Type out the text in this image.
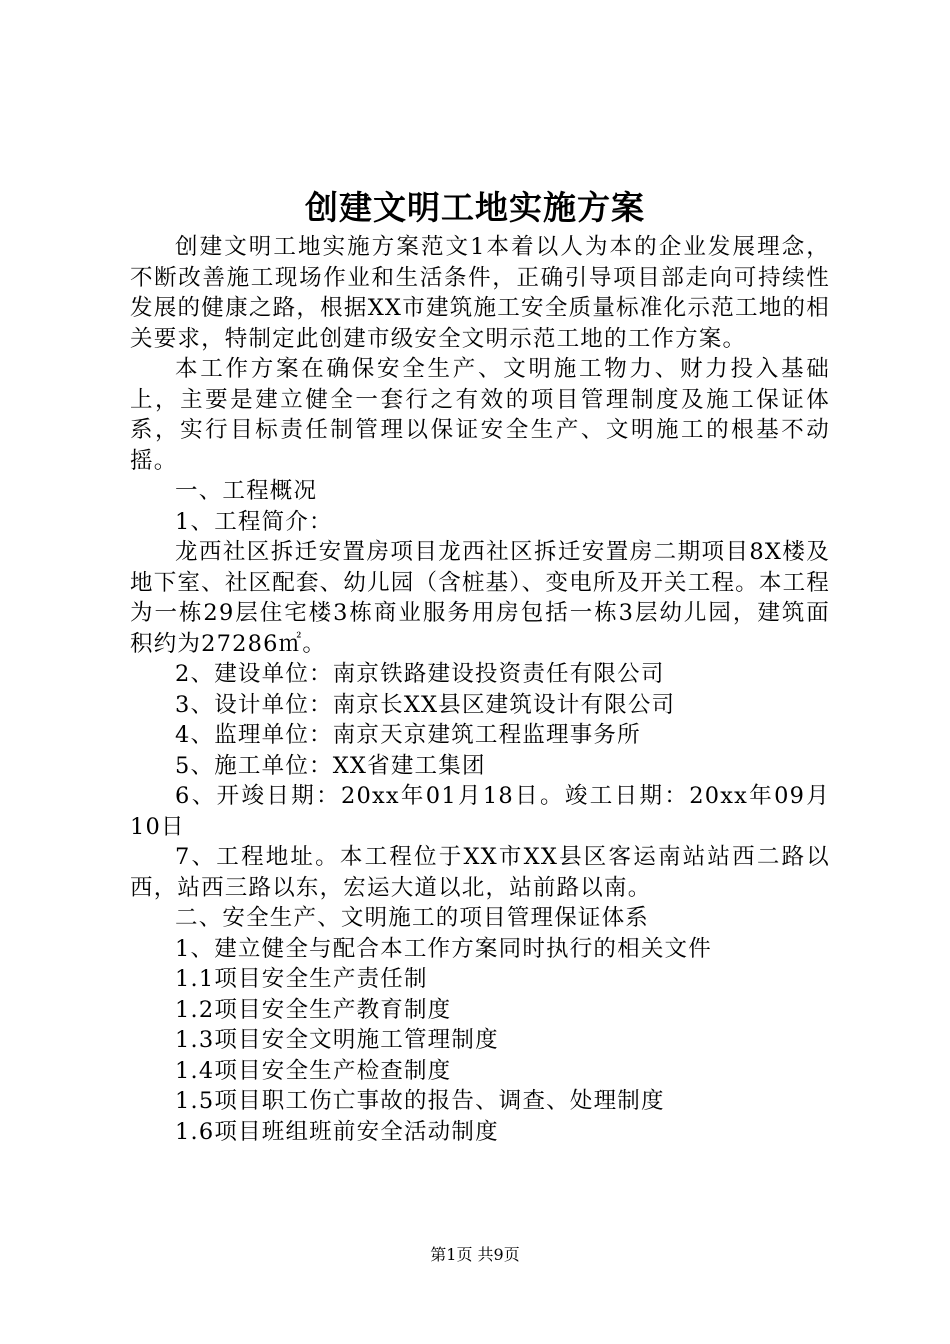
创建文明工地实施方案

创建文明工地实施方案范文1本着以人为本的企业发展理念，不断改善施工现场作业和生活条件，正确引导项目部走向可持续性发展的健康之路，根据XX市建筑施工安全质量标准化示范工地的相关要求，特制定此创建市级安全文明示范工地的工作方案。

本工作方案在确保安全生产、文明施工物力、财力投入基础上，主要是建立健全一套行之有效的项目管理制度及施工保证体系，实行目标责任制管理以保证安全生产、文明施工的根基不动摇。

一、工程概况

1、工程简介：

龙西社区拆迁安置房项目龙西社区拆迁安置房二期项目8X楼及地下室、社区配套、幼儿园（含桩基）、变电所及开关工程。本工程为一栋29层住宅楼3栋商业服务用房包括一栋3层幼儿园，建筑面积约为27286㎡。

2、建设单位：南京铁路建设投资责任有限公司

3、设计单位：南京长XX县区建筑设计有限公司

4、监理单位：南京天京建筑工程监理事务所

5、施工单位：XX省建工集团

6、开竣日期：20xx年01月18日。竣工日期：20xx年09月10日

7、工程地址。本工程位于XX市XX县区客运南站站西二路以西，站西三路以东，宏运大道以北，站前路以南。

二、安全生产、文明施工的项目管理保证体系

1、建立健全与配合本工作方案同时执行的相关文件

1.1项目安全生产责任制

1.2项目安全生产教育制度

1.3项目安全文明施工管理制度

1.4项目安全生产检查制度

1.5项目职工伤亡事故的报告、调查、处理制度

1.6项目班组班前安全活动制度

第1页 共9页
